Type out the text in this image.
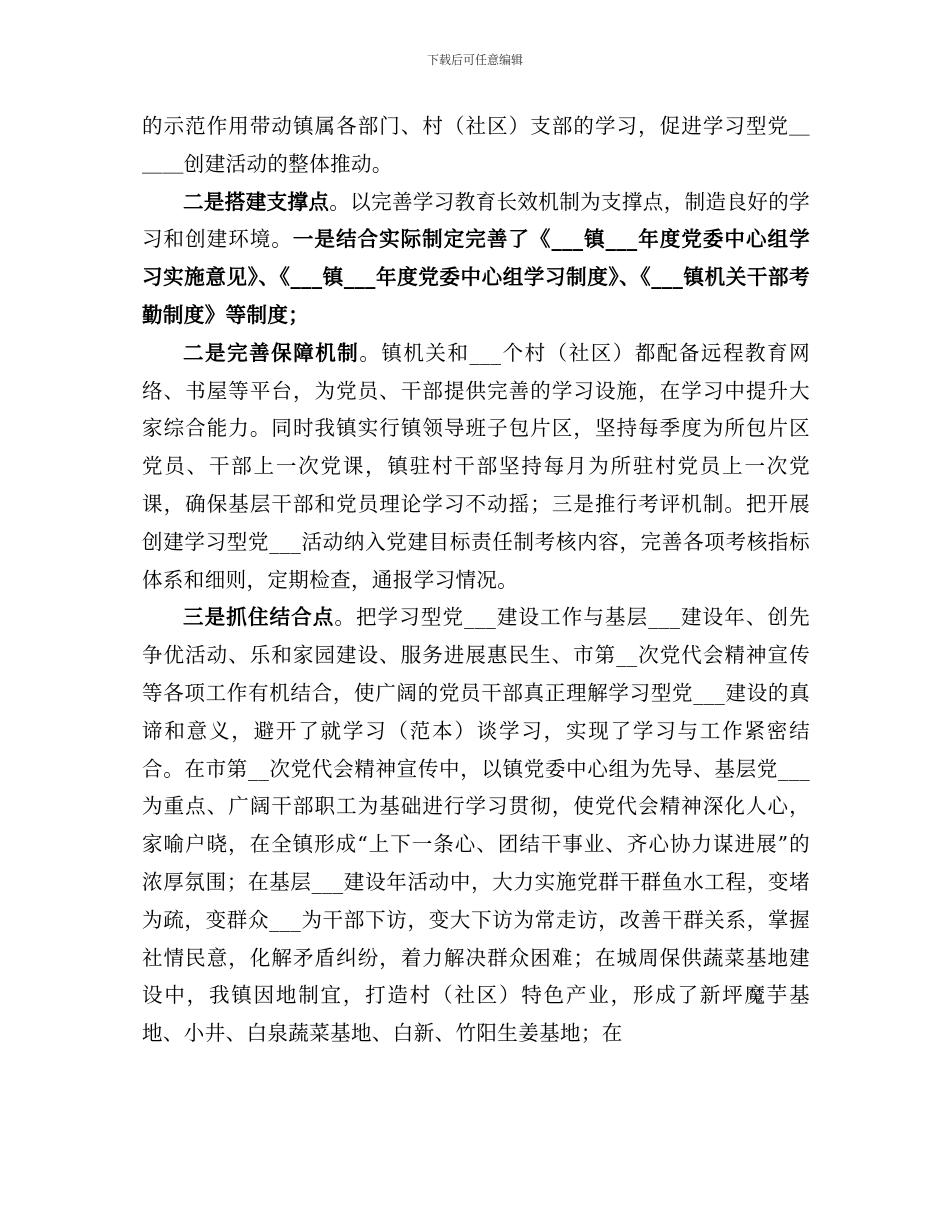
下载后可任意编辑

的示范作用带动镇属各部门、村（社区）支部的学习，促进学习型党＿＿＿创建活动的整体推动。

二是搭建支撑点。以完善学习教育长效机制为支撑点，制造良好的学习和创建环境。一是结合实际制定完善了《___镇___年度党委中心组学习实施意见》、《___镇___年度党委中心组学习制度》、《___镇机关干部考勤制度》等制度；

二是完善保障机制。镇机关和___个村（社区）都配备远程教育网络、书屋等平台，为党员、干部提供完善的学习设施，在学习中提升大家综合能力。同时我镇实行镇领导班子包片区，坚持每季度为所包片区党员、干部上一次党课，镇驻村干部坚持每月为所驻村党员上一次党课，确保基层干部和党员理论学习不动摇；三是推行考评机制。把开展创建学习型党___活动纳入党建目标责任制考核内容，完善各项考核指标体系和细则，定期检查，通报学习情况。

三是抓住结合点。把学习型党___建设工作与基层___建设年、创先争优活动、乐和家园建设、服务进展惠民生、市第__次党代会精神宣传等各项工作有机结合，使广阔的党员干部真正理解学习型党___建设的真谛和意义，避开了就学习（范本）谈学习，实现了学习与工作紧密结合。在市第__次党代会精神宣传中，以镇党委中心组为先导、基层党___为重点、广阔干部职工为基础进行学习贯彻，使党代会精神深化人心，家喻户晓，在全镇形成“上下一条心、团结干事业、齐心协力谋进展”的浓厚氛围；在基层___建设年活动中，大力实施党群干群鱼水工程，变堵为疏，变群众___为干部下访，变大下访为常走访，改善干群关系，掌握社情民意，化解矛盾纠纷，着力解决群众困难；在城周保供蔬菜基地建设中，我镇因地制宜，打造村（社区）特色产业，形成了新坪魔芋基地、小井、白泉蔬菜基地、白新、竹阳生姜基地；在
